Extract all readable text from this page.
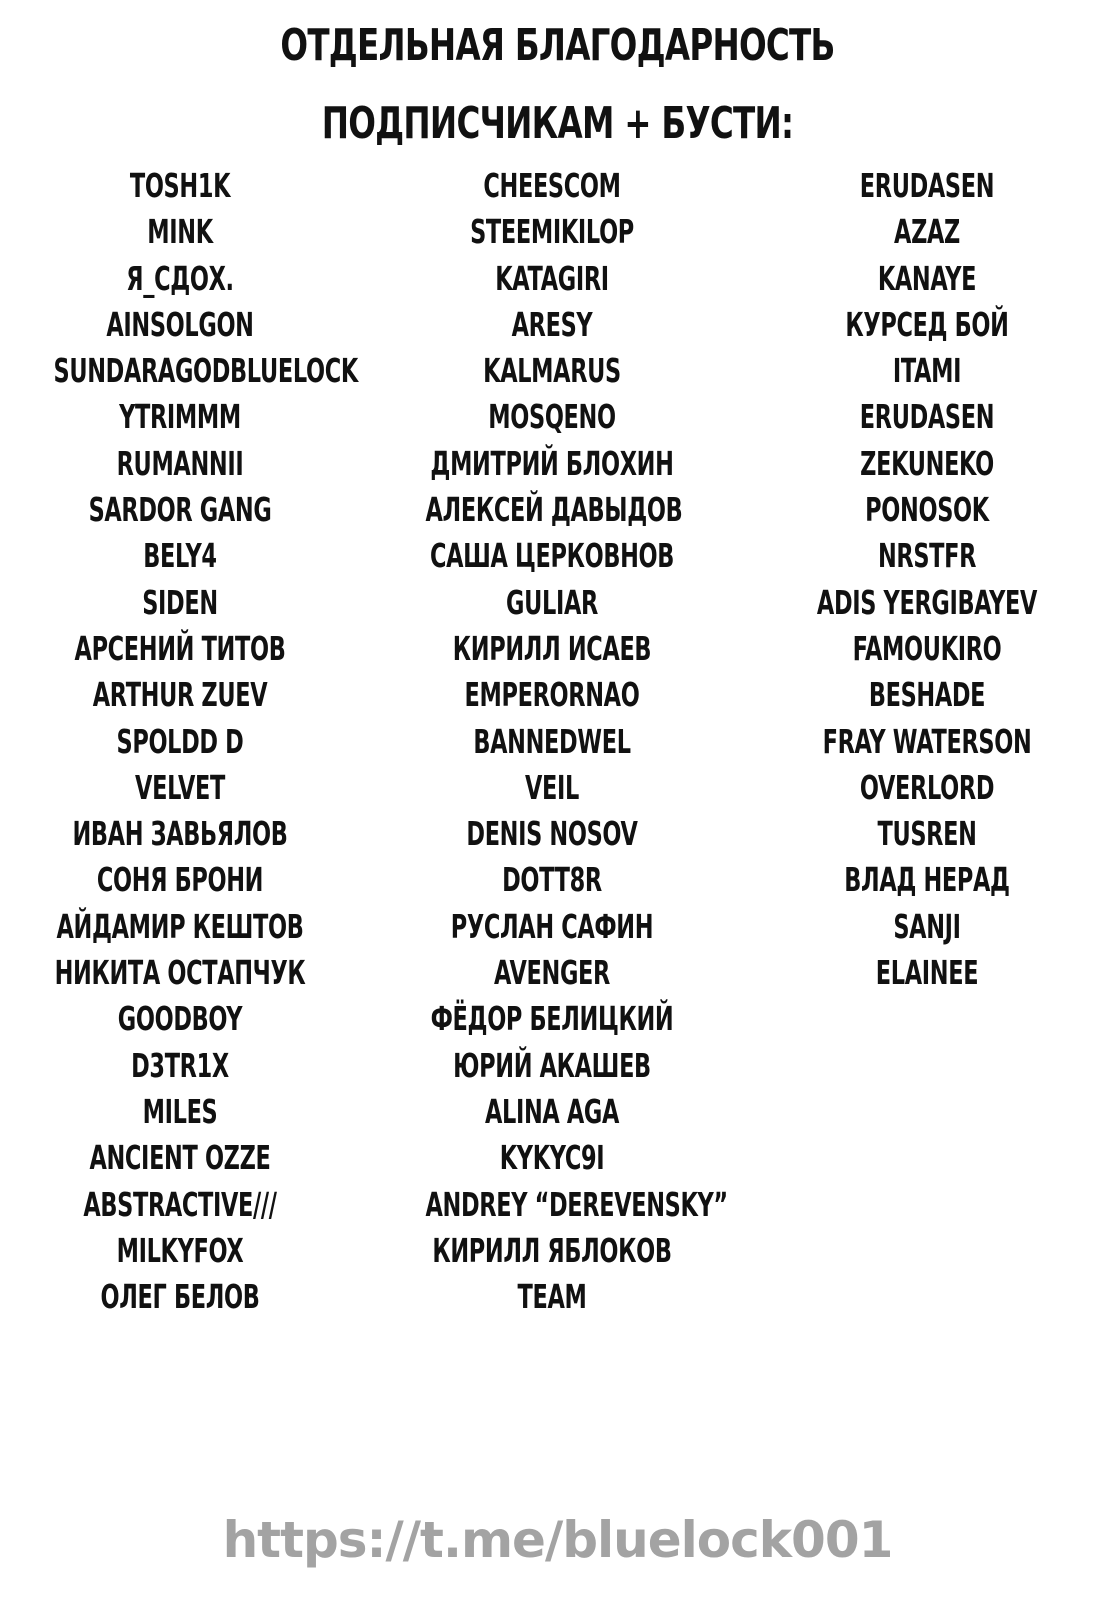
ОТДЕЛЬНАЯ БЛАГОДАРНОСТЬ
ПОДПИСЧИКАМ + БУСТИ:
TOSH1K
MINK
Я_СДОХ.
AINSOLGON
SUNDARAGODBLUELOCK
YTRIMMM
RUMANNII
SARDOR GANG
BELY4
SIDEN
АРСЕНИЙ ТИТОВ
ARTHUR ZUEV
SPOLDD D
VELVET
ИВАН ЗАВЬЯЛОВ
СОНЯ БРОНИ
АЙДАМИР КЕШТОВ
НИКИТА ОСТАПЧУК
GOODBOY
D3TR1X
MILES
ANCIENT OZZE
ABSTRACTIVE///
MILKYFOX
ОЛЕГ БЕЛОВ
CHEESCOM
STEEMIKILOP
KATAGIRI
ARESY
KALMARUS
MOSQENO
ДМИТРИЙ БЛОХИН
АЛЕКСЕЙ ДАВЫДОВ
САША ЦЕРКОВНОВ
GULIAR
КИРИЛЛ ИСАЕВ
EMPERORNAO
BANNEDWEL
VEIL
DENIS NOSOV
DOTT8R
РУСЛАН САФИН
AVENGER
ФЁДОР БЕЛИЦКИЙ
ЮРИЙ АКАШЕВ
ALINA AGA
KYKYC9I
ANDREY “DEREVENSKY”
КИРИЛЛ ЯБЛОКОВ
TEAM
ERUDASEN
AZAZ
KANAYE
КУРСЕД БОЙ
ITAMI
ERUDASEN
ZEKUNEKO
PONOSOK
NRSTFR
ADIS YERGIBAYEV
FAMOUKIRO
BESHADE
FRAY WATERSON
OVERLORD
TUSREN
ВЛАД НЕРАД
SANJI
ELAINEE
https://t.me/bluelock001
